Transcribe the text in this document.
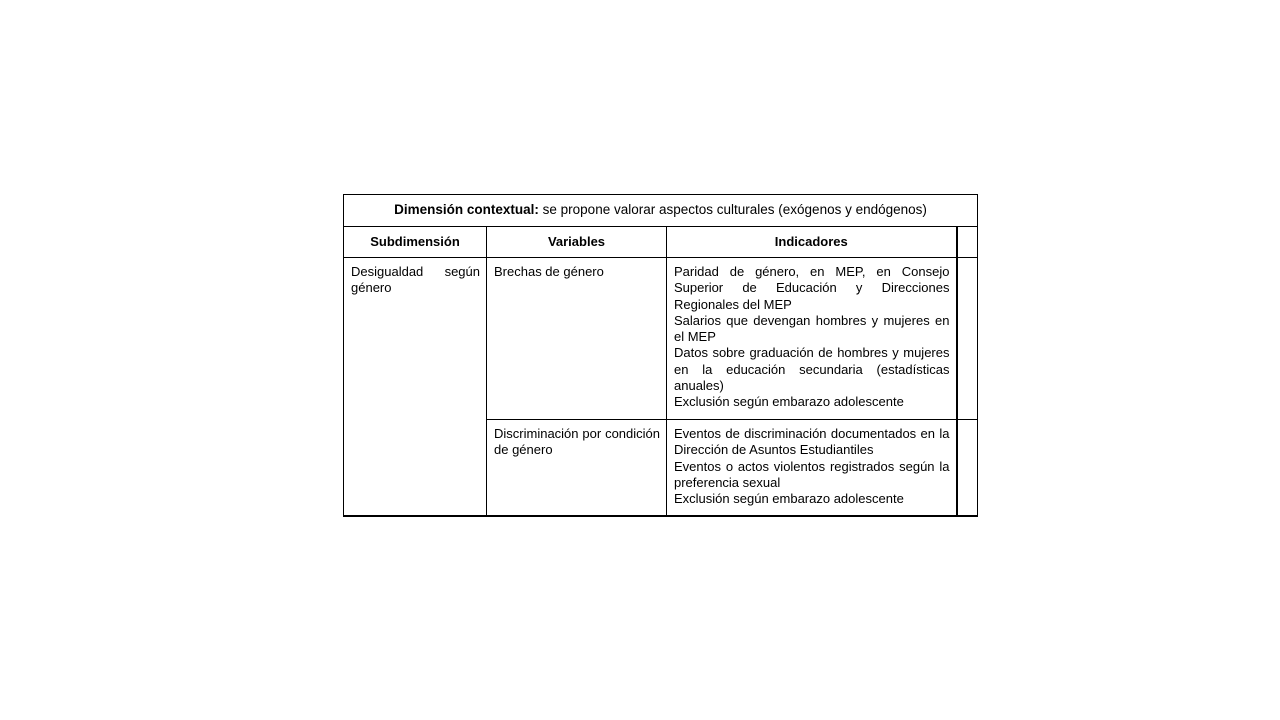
Dimensión contextual: se propone valorar aspectos culturales (exógenos y endógenos)			
Subdimensión	Variables	Indicadores	

Desigualdad según género	Brechas de género	Paridad de género, en MEP, en Consejo Superior de Educación y Direcciones Regionales del MEP
Salarios que devengan hombres y mujeres en el MEP
Datos sobre graduación de hombres y mujeres en la educación secundaria (estadísticas anuales)
Exclusión según embarazo adolescente	

	Discriminación por condición de género	Eventos de discriminación documentados en la Dirección de Asuntos Estudiantiles
Eventos o actos violentos registrados según la preferencia sexual
Exclusión según embarazo adolescente	
